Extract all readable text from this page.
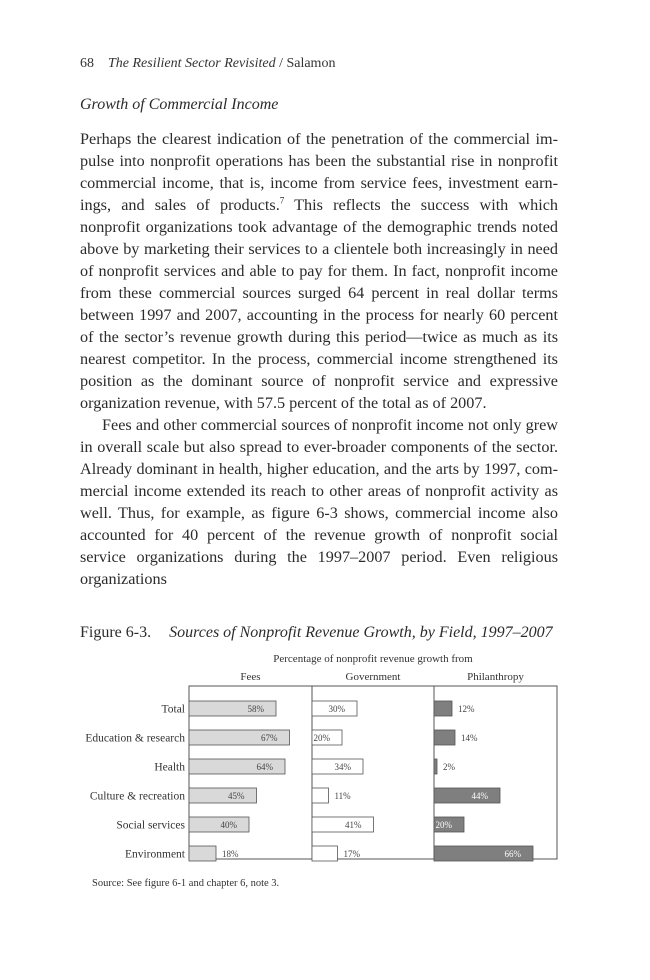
68 The Resilient Sector Revisited / Salamon
Growth of Commercial Income

Perhaps the clearest indication of the penetration of the commercial impulse into nonprofit operations has been the substantial rise in nonprofit commercial income, that is, income from service fees, investment earnings, and sales of products.$^7$ This reflects the success with which nonprofit organizations took advantage of the demographic trends noted above by marketing their services to a clientele both increasingly in need of nonprofit services and able to pay for them. In fact, nonprofit income from these commercial sources surged 64 percent in real dollar terms between 1997 and 2007, accounting in the process for nearly 60 percent of the sector’s revenue growth during this period—twice as much as its nearest competitor. In the process, commercial income strengthened its position as the dominant source of nonprofit service and expressive organization revenue, with 57.5 percent of the total as of 2007.

Fees and other commercial sources of nonprofit income not only grew in overall scale but also spread to ever-broader components of the sector. Already dominant in health, higher education, and the arts by 1997, commercial income extended its reach to other areas of nonprofit activity as well. Thus, for example, as figure 6-3 shows, commercial income also accounted for 40 percent of the revenue growth of nonprofit social service organizations during the 1997–2007 period. Even religious organizations

Figure 6-3. Sources of Nonprofit Revenue Growth, by Field, 1997–2007
Percentage of nonprofit revenue growth from
Fees	Government	Philanthropy
Total	58%	30%	12%
Education & research	67%	20%	14%
Health	64%	34%	2%
Culture & recreation	45%	11%	44%
Social services	40%	41%	20%
Environment	18%	17%	66%
Source: See figure 6-1 and chapter 6, note 3.
